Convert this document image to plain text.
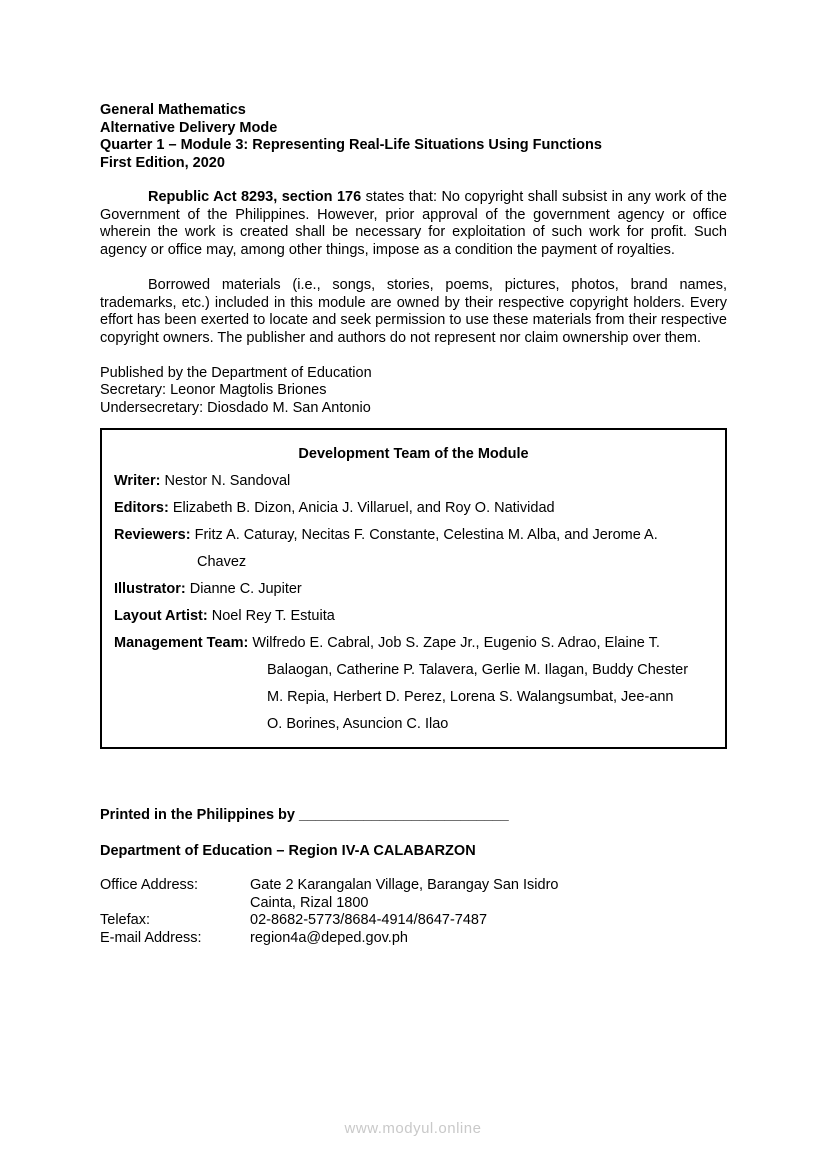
General Mathematics
Alternative Delivery Mode
Quarter 1 – Module 3: Representing Real-Life Situations Using Functions
First Edition, 2020

Republic Act 8293, section 176 states that: No copyright shall subsist in any work of the Government of the Philippines. However, prior approval of the government agency or office wherein the work is created shall be necessary for exploitation of such work for profit. Such agency or office may, among other things, impose as a condition the payment of royalties.

Borrowed materials (i.e., songs, stories, poems, pictures, photos, brand names, trademarks, etc.) included in this module are owned by their respective copyright holders. Every effort has been exerted to locate and seek permission to use these materials from their respective copyright owners. The publisher and authors do not represent nor claim ownership over them.

Published by the Department of Education
Secretary: Leonor Magtolis Briones
Undersecretary: Diosdado M. San Antonio
Development Team of the Module
Writer: Nestor N. Sandoval
Editors: Elizabeth B. Dizon, Anicia J. Villaruel, and Roy O. Natividad
Reviewers: Fritz A. Caturay, Necitas F. Constante, Celestina M. Alba, and Jerome A.
Chavez
Illustrator: Dianne C. Jupiter
Layout Artist: Noel Rey T. Estuita
Management Team: Wilfredo E. Cabral, Job S. Zape Jr., Eugenio S. Adrao, Elaine T.
Balaogan, Catherine P. Talavera, Gerlie M. Ilagan, Buddy Chester
M. Repia, Herbert D. Perez, Lorena S. Walangsumbat, Jee-ann
O. Borines, Asuncion C. Ilao

Printed in the Philippines by __________________________

Department of Education – Region IV-A CALABARZON

Office Address:	Gate 2 Karangalan Village, Barangay San Isidro
Cainta, Rizal 1800
Telefax:	02-8682-5773/8684-4914/8647-7487
E-mail Address:	region4a@deped.gov.ph
www.modyul.online
